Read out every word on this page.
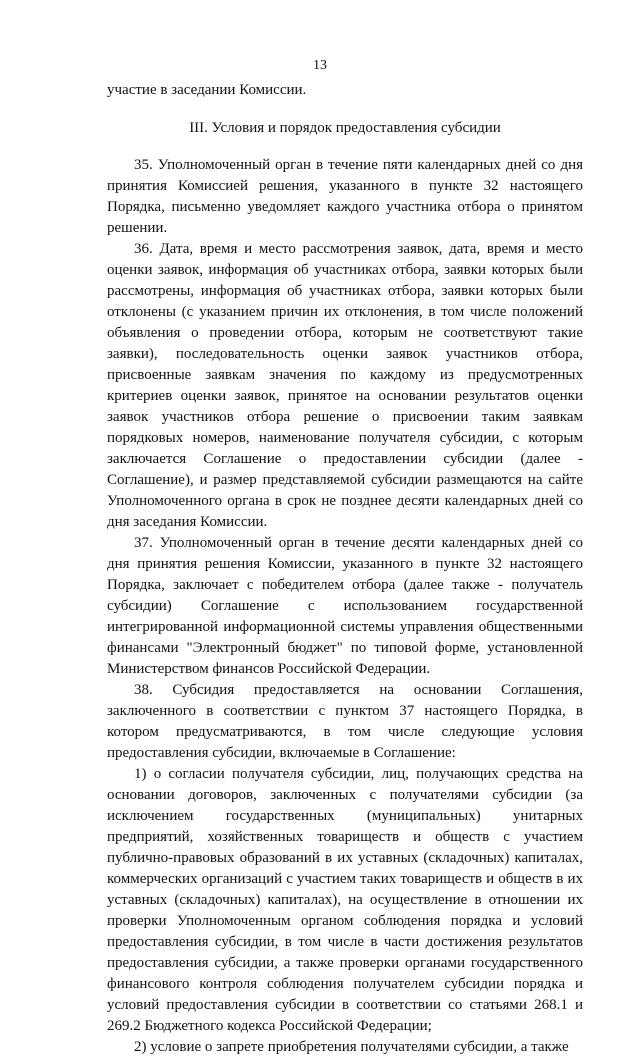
13

участие в заседании Комиссии.

III. Условия и порядок предоставления субсидии

35. Уполномоченный орган в течение пяти календарных дней со дня принятия Комиссией решения, указанного в пункте 32 настоящего Порядка, письменно уведомляет каждого участника отбора о принятом решении.

36. Дата, время и место рассмотрения заявок, дата, время и место оценки заявок, информация об участниках отбора, заявки которых были рассмотрены, информация об участниках отбора, заявки которых были отклонены (с указанием причин их отклонения, в том числе положений объявления о проведении отбора, которым не соответствуют такие заявки), последовательность оценки заявок участников отбора, присвоенные заявкам значения по каждому из предусмотренных критериев оценки заявок, принятое на основании результатов оценки заявок участников отбора решение о присвоении таким заявкам порядковых номеров, наименование получателя субсидии, с которым заключается Соглашение о предоставлении субсидии (далее - Соглашение), и размер представляемой субсидии размещаются на сайте Уполномоченного органа в срок не позднее десяти календарных дней со дня заседания Комиссии.

37. Уполномоченный орган в течение десяти календарных дней со дня принятия решения Комиссии, указанного в пункте 32 настоящего Порядка, заключает с победителем отбора (далее также - получатель субсидии) Соглашение с использованием государственной интегрированной информационной системы управления общественными финансами "Электронный бюджет" по типовой форме, установленной Министерством финансов Российской Федерации.

38. Субсидия предоставляется на основании Соглашения, заключенного в соответствии с пунктом 37 настоящего Порядка, в котором предусматриваются, в том числе следующие условия предоставления субсидии, включаемые в Соглашение:

1) о согласии получателя субсидии, лиц, получающих средства на основании договоров, заключенных с получателями субсидии (за исключением государственных (муниципальных) унитарных предприятий, хозяйственных товариществ и обществ с участием публично-правовых образований в их уставных (складочных) капиталах, коммерческих организаций с участием таких товариществ и обществ в их уставных (складочных) капиталах), на осуществление в отношении их проверки Уполномоченным органом соблюдения порядка и условий предоставления субсидии, в том числе в части достижения результатов предоставления субсидии, а также проверки органами государственного финансового контроля соблюдения получателем субсидии порядка и условий предоставления субсидии в соответствии со статьями 268.1 и 269.2 Бюджетного кодекса Российской Федерации;

2) условие о запрете приобретения получателями субсидии, а также
